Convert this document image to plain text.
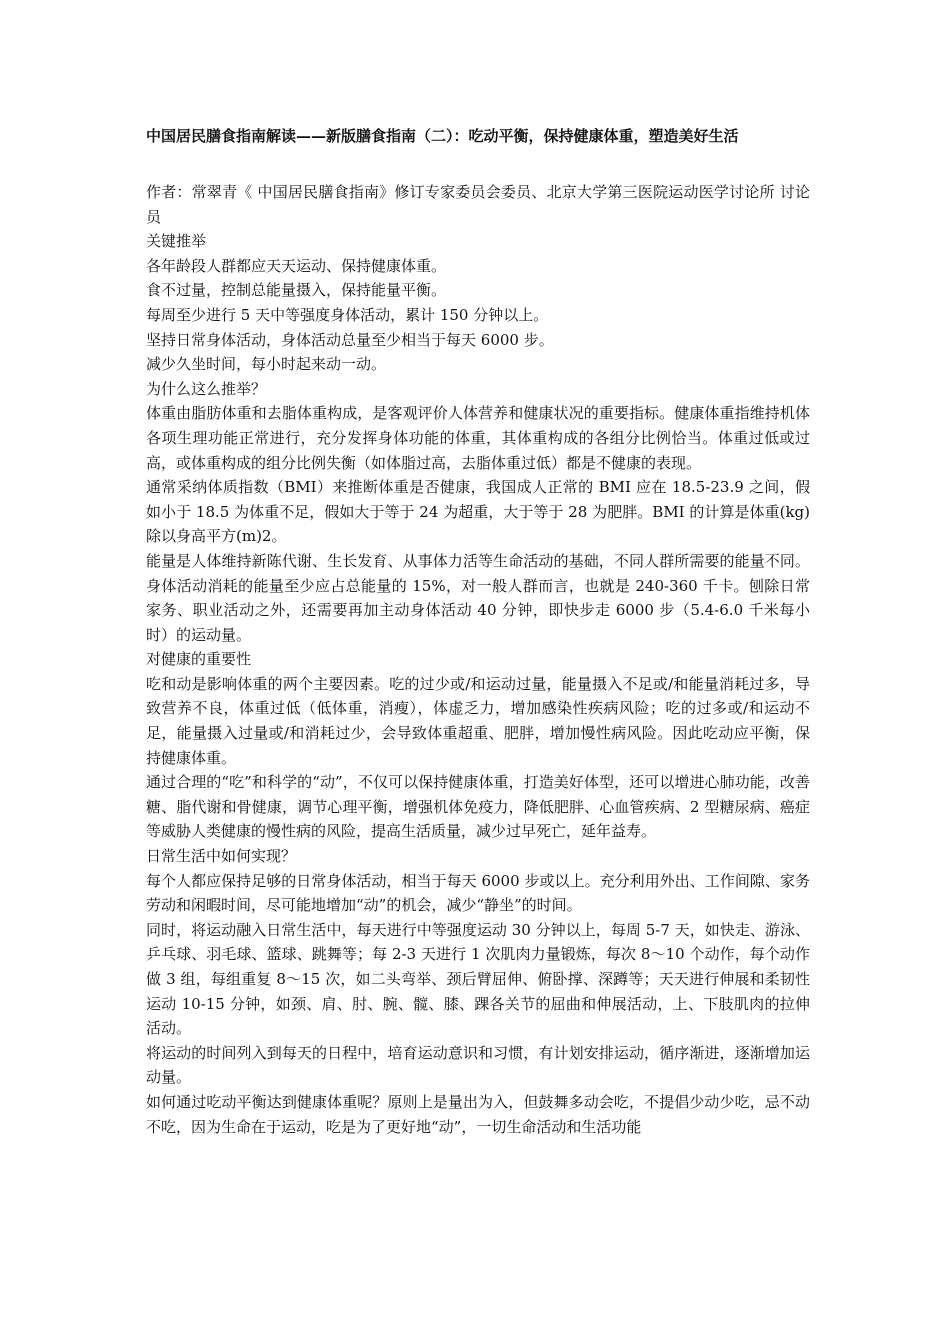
中国居民膳食指南解读——新版膳食指南（二）：吃动平衡，保持健康体重，塑造美好生活

作者：常翠青《 中国居民膳食指南》修订专家委员会委员、北京大学第三医院运动医学讨论所 讨论员

关键推举

各年龄段人群都应天天运动、保持健康体重。

食不过量，控制总能量摄入，保持能量平衡。

每周至少进行 5 天中等强度身体活动，累计 150 分钟以上。

坚持日常身体活动，身体活动总量至少相当于每天 6000 步。

减少久坐时间，每小时起来动一动。

为什么这么推举？

体重由脂肪体重和去脂体重构成，是客观评价人体营养和健康状况的重要指标。健康体重指维持机体各项生理功能正常进行，充分发挥身体功能的体重，其体重构成的各组分比例恰当。体重过低或过高，或体重构成的组分比例失衡（如体脂过高，去脂体重过低）都是不健康的表现。

通常采纳体质指数（BMI）来推断体重是否健康，我国成人正常的 BMI 应在 18.5-23.9 之间，假如小于 18.5 为体重不足，假如大于等于 24 为超重，大于等于 28 为肥胖。BMI 的计算是体重(kg)除以身高平方(m)2。

能量是人体维持新陈代谢、生长发育、从事体力活等生命活动的基础，不同人群所需要的能量不同。身体活动消耗的能量至少应占总能量的 15%，对一般人群而言，也就是 240-360 千卡。刨除日常家务、职业活动之外，还需要再加主动身体活动 40 分钟，即快步走 6000 步（5.4-6.0 千米每小时）的运动量。

对健康的重要性

吃和动是影响体重的两个主要因素。吃的过少或/和运动过量，能量摄入不足或/和能量消耗过多，导致营养不良，体重过低（低体重，消瘦），体虚乏力，增加感染性疾病风险；吃的过多或/和运动不足，能量摄入过量或/和消耗过少，会导致体重超重、肥胖，增加慢性病风险。因此吃动应平衡，保持健康体重。

通过合理的“吃”和科学的“动”，不仅可以保持健康体重，打造美好体型，还可以增进心肺功能，改善糖、脂代谢和骨健康，调节心理平衡，增强机体免疫力，降低肥胖、心血管疾病、2 型糖尿病、癌症等威胁人类健康的慢性病的风险，提高生活质量，减少过早死亡，延年益寿。

日常生活中如何实现？

每个人都应保持足够的日常身体活动，相当于每天 6000 步或以上。充分利用外出、工作间隙、家务劳动和闲暇时间，尽可能地增加“动”的机会，减少“静坐”的时间。

同时，将运动融入日常生活中，每天进行中等强度运动 30 分钟以上，每周 5-7 天，如快走、游泳、乒乓球、羽毛球、篮球、跳舞等；每 2-3 天进行 1 次肌肉力量锻炼，每次 8～10 个动作，每个动作做 3 组，每组重复 8～15 次，如二头弯举、颈后臂屈伸、俯卧撑、深蹲等；天天进行伸展和柔韧性运动 10-15 分钟，如颈、肩、肘、腕、髋、膝、踝各关节的屈曲和伸展活动，上、下肢肌肉的拉伸活动。

将运动的时间列入到每天的日程中，培育运动意识和习惯，有计划安排运动，循序渐进，逐渐增加运动量。

如何通过吃动平衡达到健康体重呢？原则上是量出为入，但鼓舞多动会吃，不提倡少动少吃，忌不动不吃，因为生命在于运动，吃是为了更好地“动”，一切生命活动和生活功能
